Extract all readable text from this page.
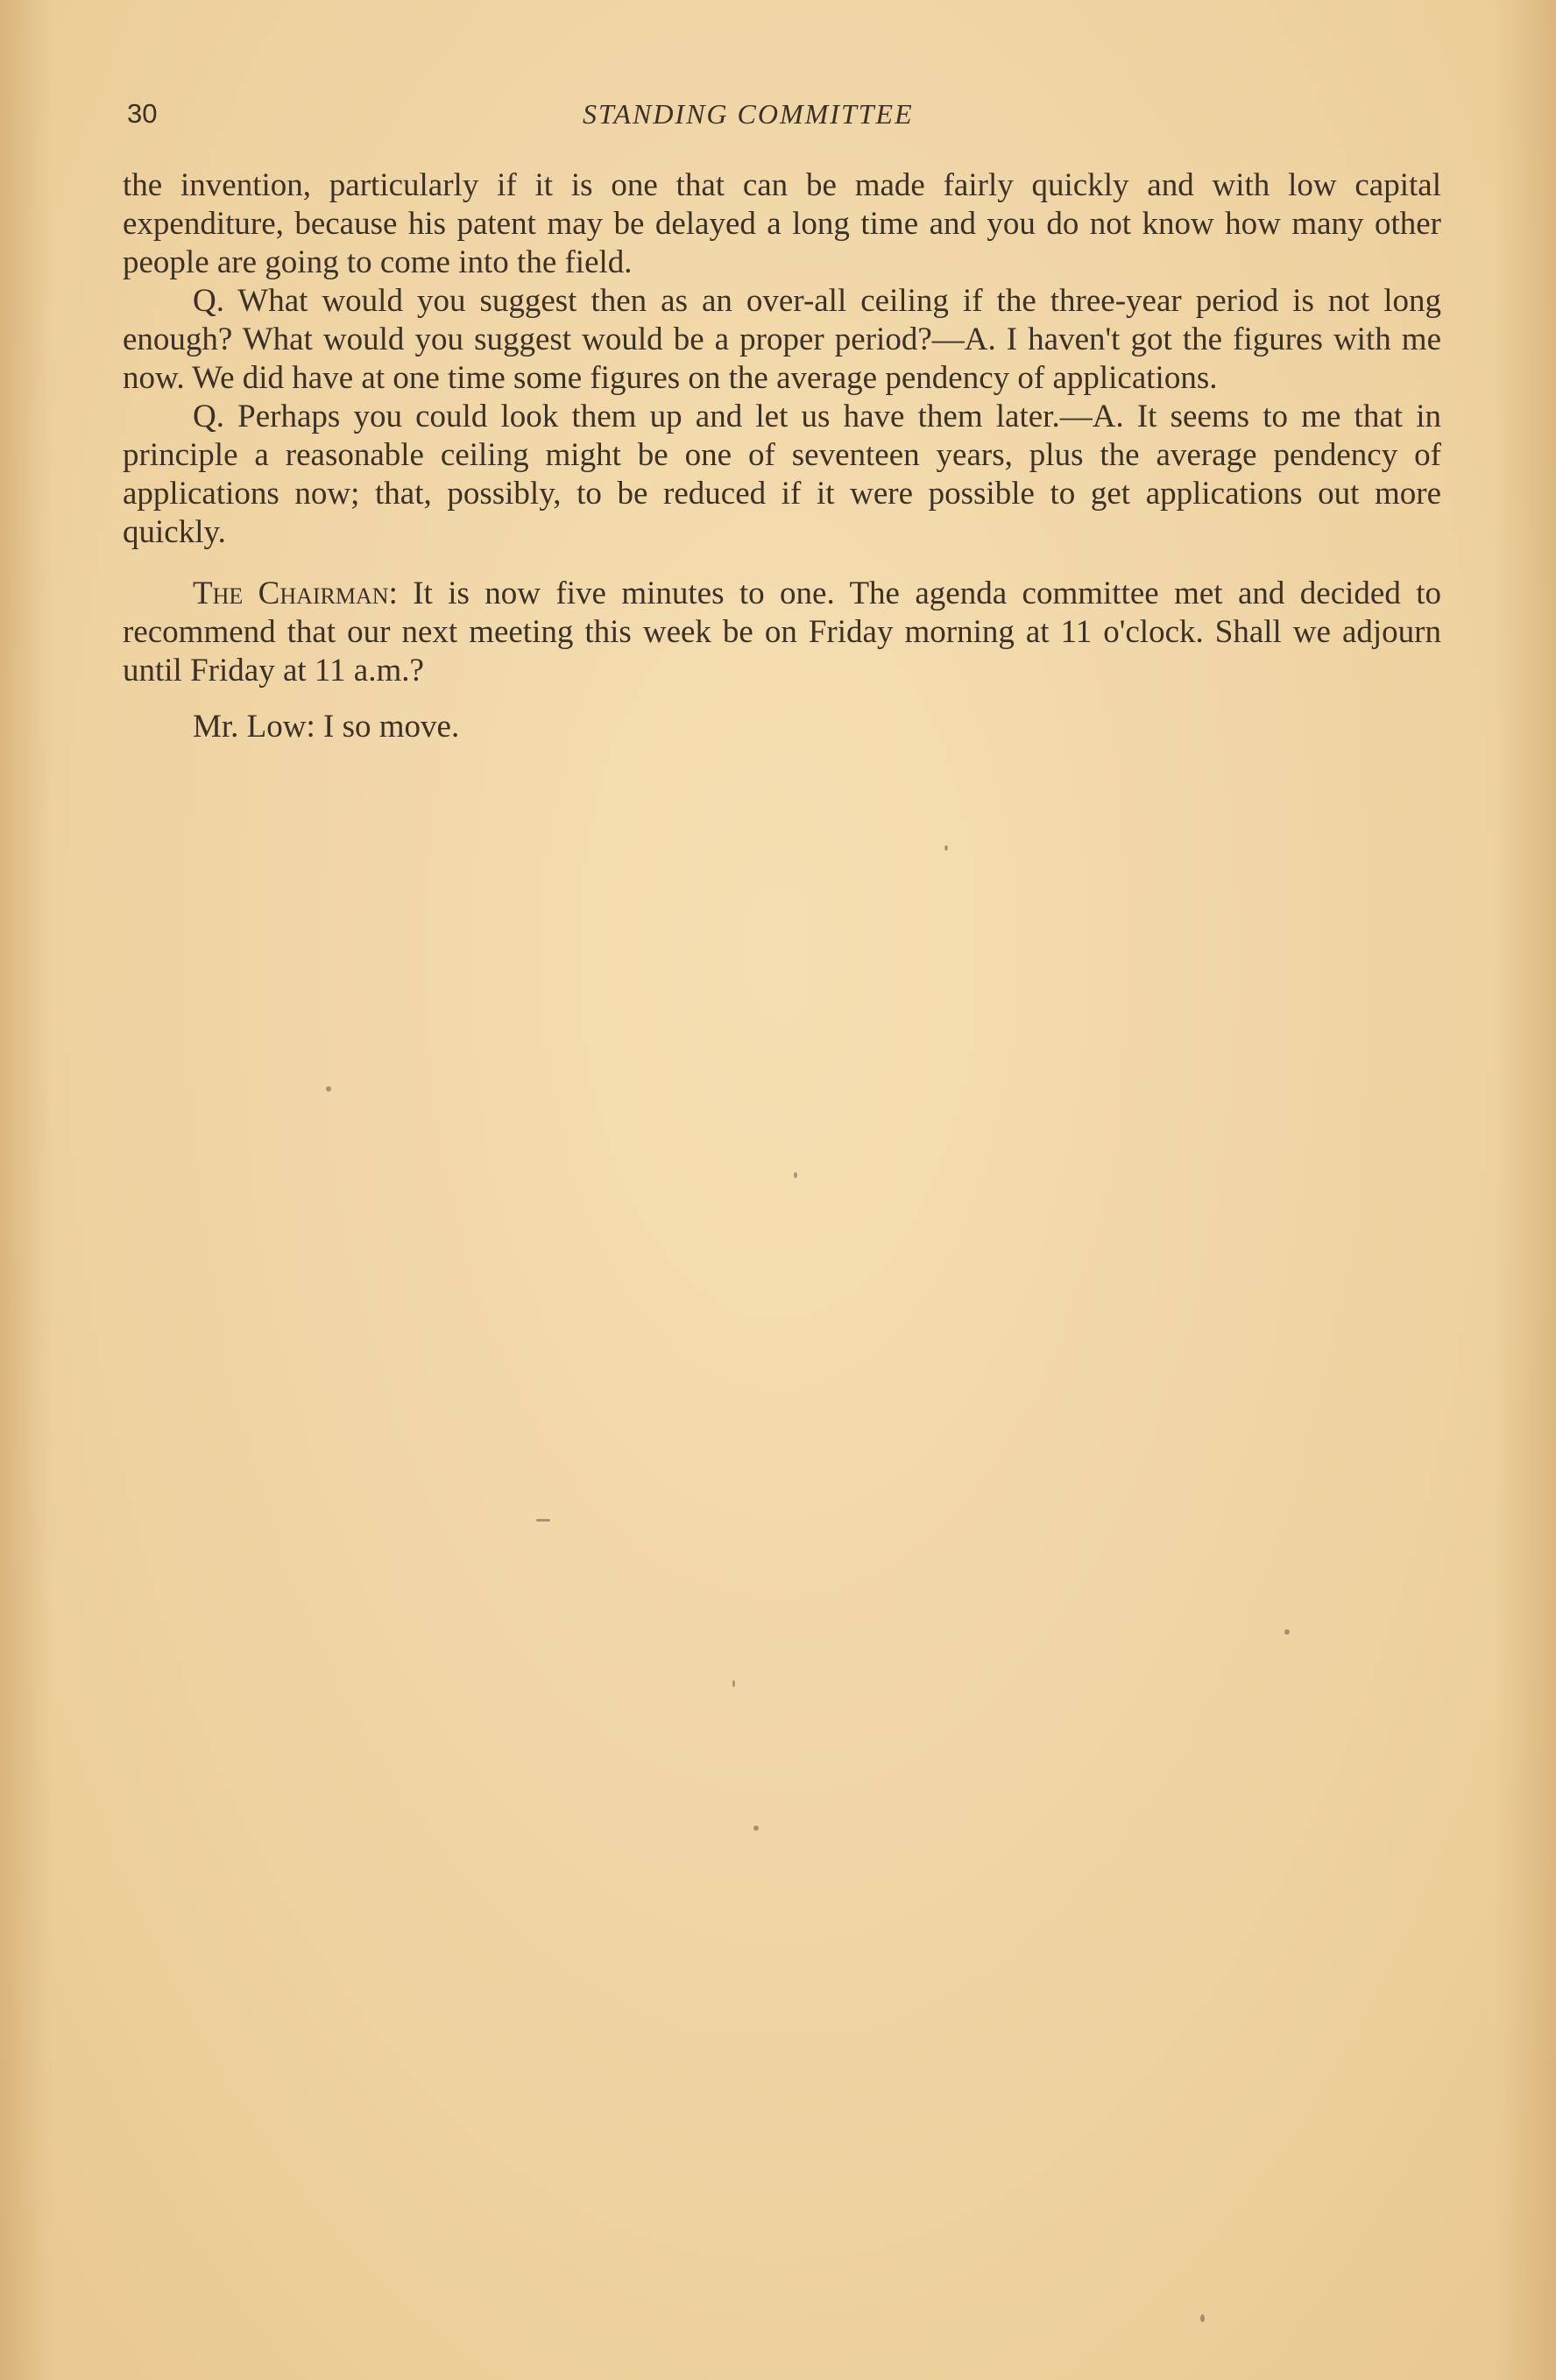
30	STANDING COMMITTEE

the invention, particularly if it is one that can be made fairly quickly and with low capital expenditure, because his patent may be delayed a long time and you do not know how many other people are going to come into the field.

Q. What would you suggest then as an over-all ceiling if the three-year period is not long enough? What would you suggest would be a proper period?—A. I haven't got the figures with me now. We did have at one time some figures on the average pendency of applications.

Q. Perhaps you could look them up and let us have them later.—A. It seems to me that in principle a reasonable ceiling might be one of seventeen years, plus the average pendency of applications now; that, possibly, to be reduced if it were possible to get applications out more quickly.

The Chairman: It is now five minutes to one. The agenda committee met and decided to recommend that our next meeting this week be on Friday morning at 11 o'clock. Shall we adjourn until Friday at 11 a.m.?

Mr. Low: I so move.
